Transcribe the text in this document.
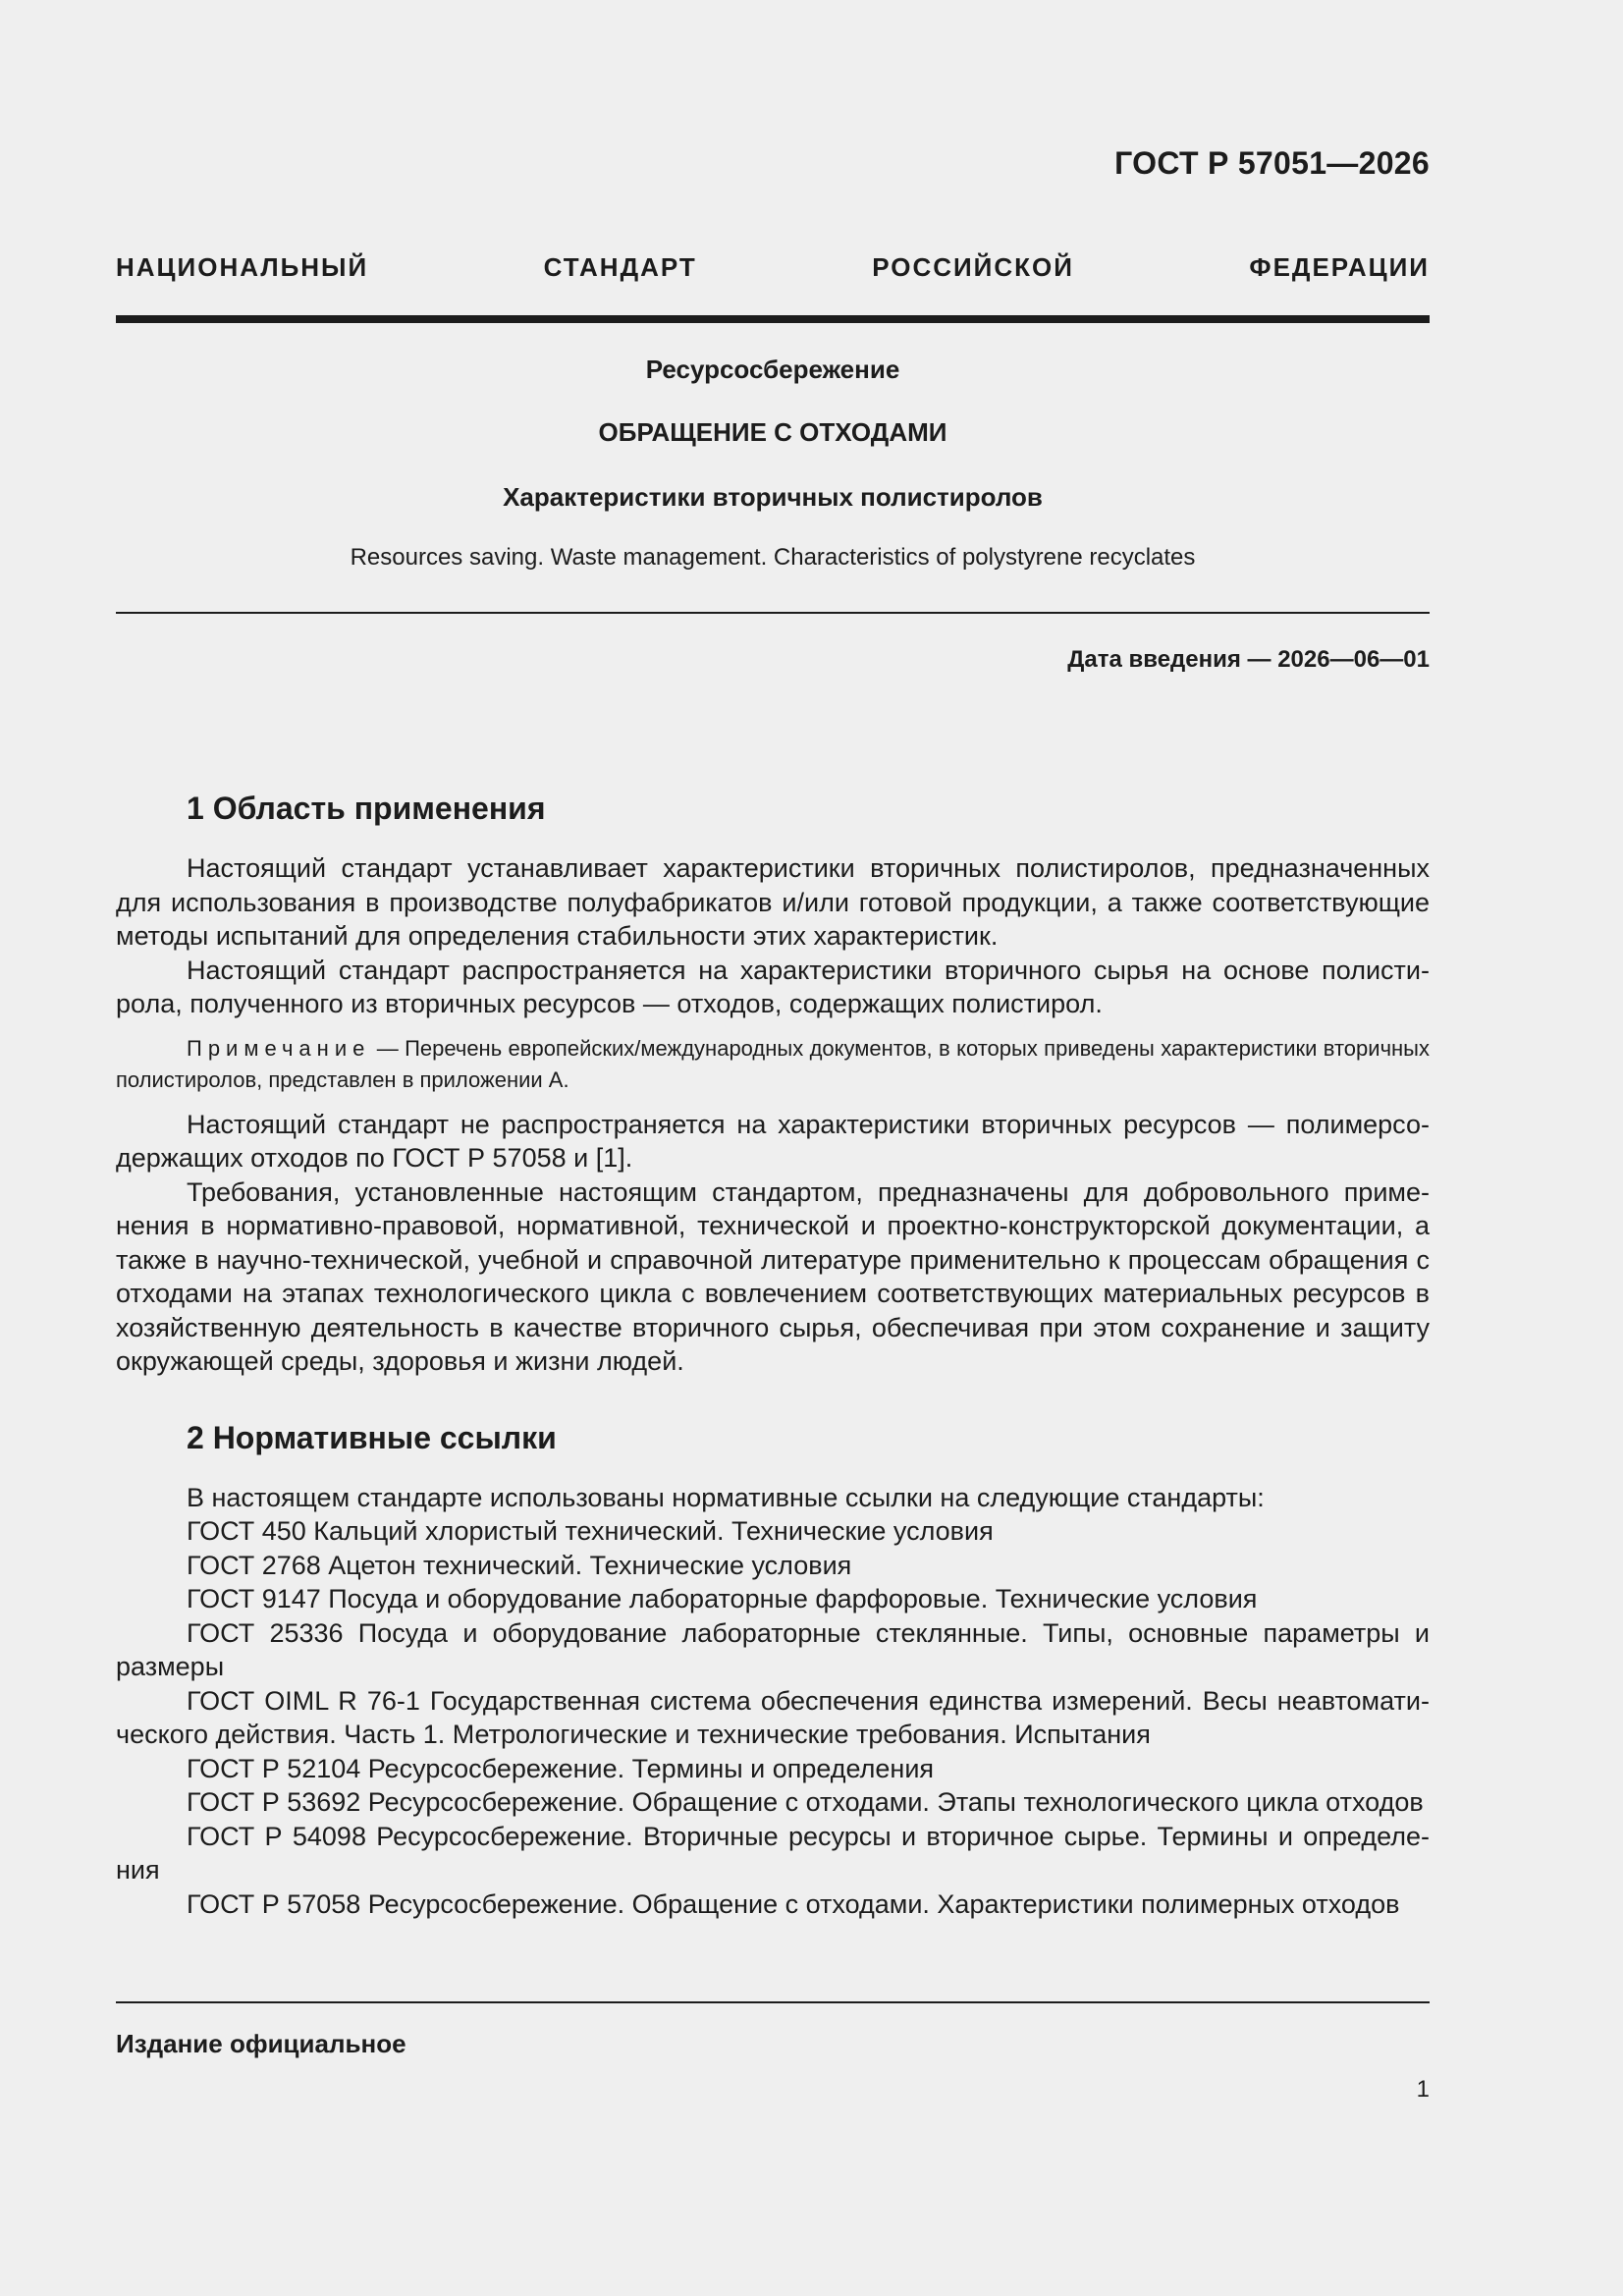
ГОСТ Р 57051—2026
НАЦИОНАЛЬНЫЙ СТАНДАРТ РОССИЙСКОЙ ФЕДЕРАЦИИ
Ресурсосбережение
ОБРАЩЕНИЕ С ОТХОДАМИ
Характеристики вторичных полистиролов
Resources saving. Waste management. Characteristics of polystyrene recyclates
Дата введения — 2026—06—01
1 Область применения

Настоящий стандарт устанавливает характеристики вторичных полистиролов, предназначенных для использования в производстве полуфабрикатов и/или готовой продукции, а также соответствующие методы испытаний для определения стабильности этих характеристик.

Настоящий стандарт распространяется на характеристики вторичного сырья на основе полистирола, полученного из вторичных ресурсов — отходов, содержащих полистирол.

Примечание — Перечень европейских/международных документов, в которых приведены характеристики вторичных полистиролов, представлен в приложении А.

Настоящий стандарт не распространяется на характеристики вторичных ресурсов — полимерсодержащих отходов по ГОСТ Р 57058 и [1].

Требования, установленные настоящим стандартом, предназначены для добровольного применения в нормативно-правовой, нормативной, технической и проектно-конструкторской документации, а также в научно-технической, учебной и справочной литературе применительно к процессам обращения с отходами на этапах технологического цикла с вовлечением соответствующих материальных ресурсов в хозяйственную деятельность в качестве вторичного сырья, обеспечивая при этом сохранение и защиту окружающей среды, здоровья и жизни людей.

2 Нормативные ссылки

В настоящем стандарте использованы нормативные ссылки на следующие стандарты:

ГОСТ 450 Кальций хлористый технический. Технические условия

ГОСТ 2768 Ацетон технический. Технические условия

ГОСТ 9147 Посуда и оборудование лабораторные фарфоровые. Технические условия

ГОСТ 25336 Посуда и оборудование лабораторные стеклянные. Типы, основные параметры и размеры

ГОСТ OIML R 76-1 Государственная система обеспечения единства измерений. Весы неавтоматического действия. Часть 1. Метрологические и технические требования. Испытания

ГОСТ Р 52104 Ресурсосбережение. Термины и определения

ГОСТ Р 53692 Ресурсосбережение. Обращение с отходами. Этапы технологического цикла отходов

ГОСТ Р 54098 Ресурсосбережение. Вторичные ресурсы и вторичное сырье. Термины и определения

ГОСТ Р 57058 Ресурсосбережение. Обращение с отходами. Характеристики полимерных отходов

Издание официальное
1
